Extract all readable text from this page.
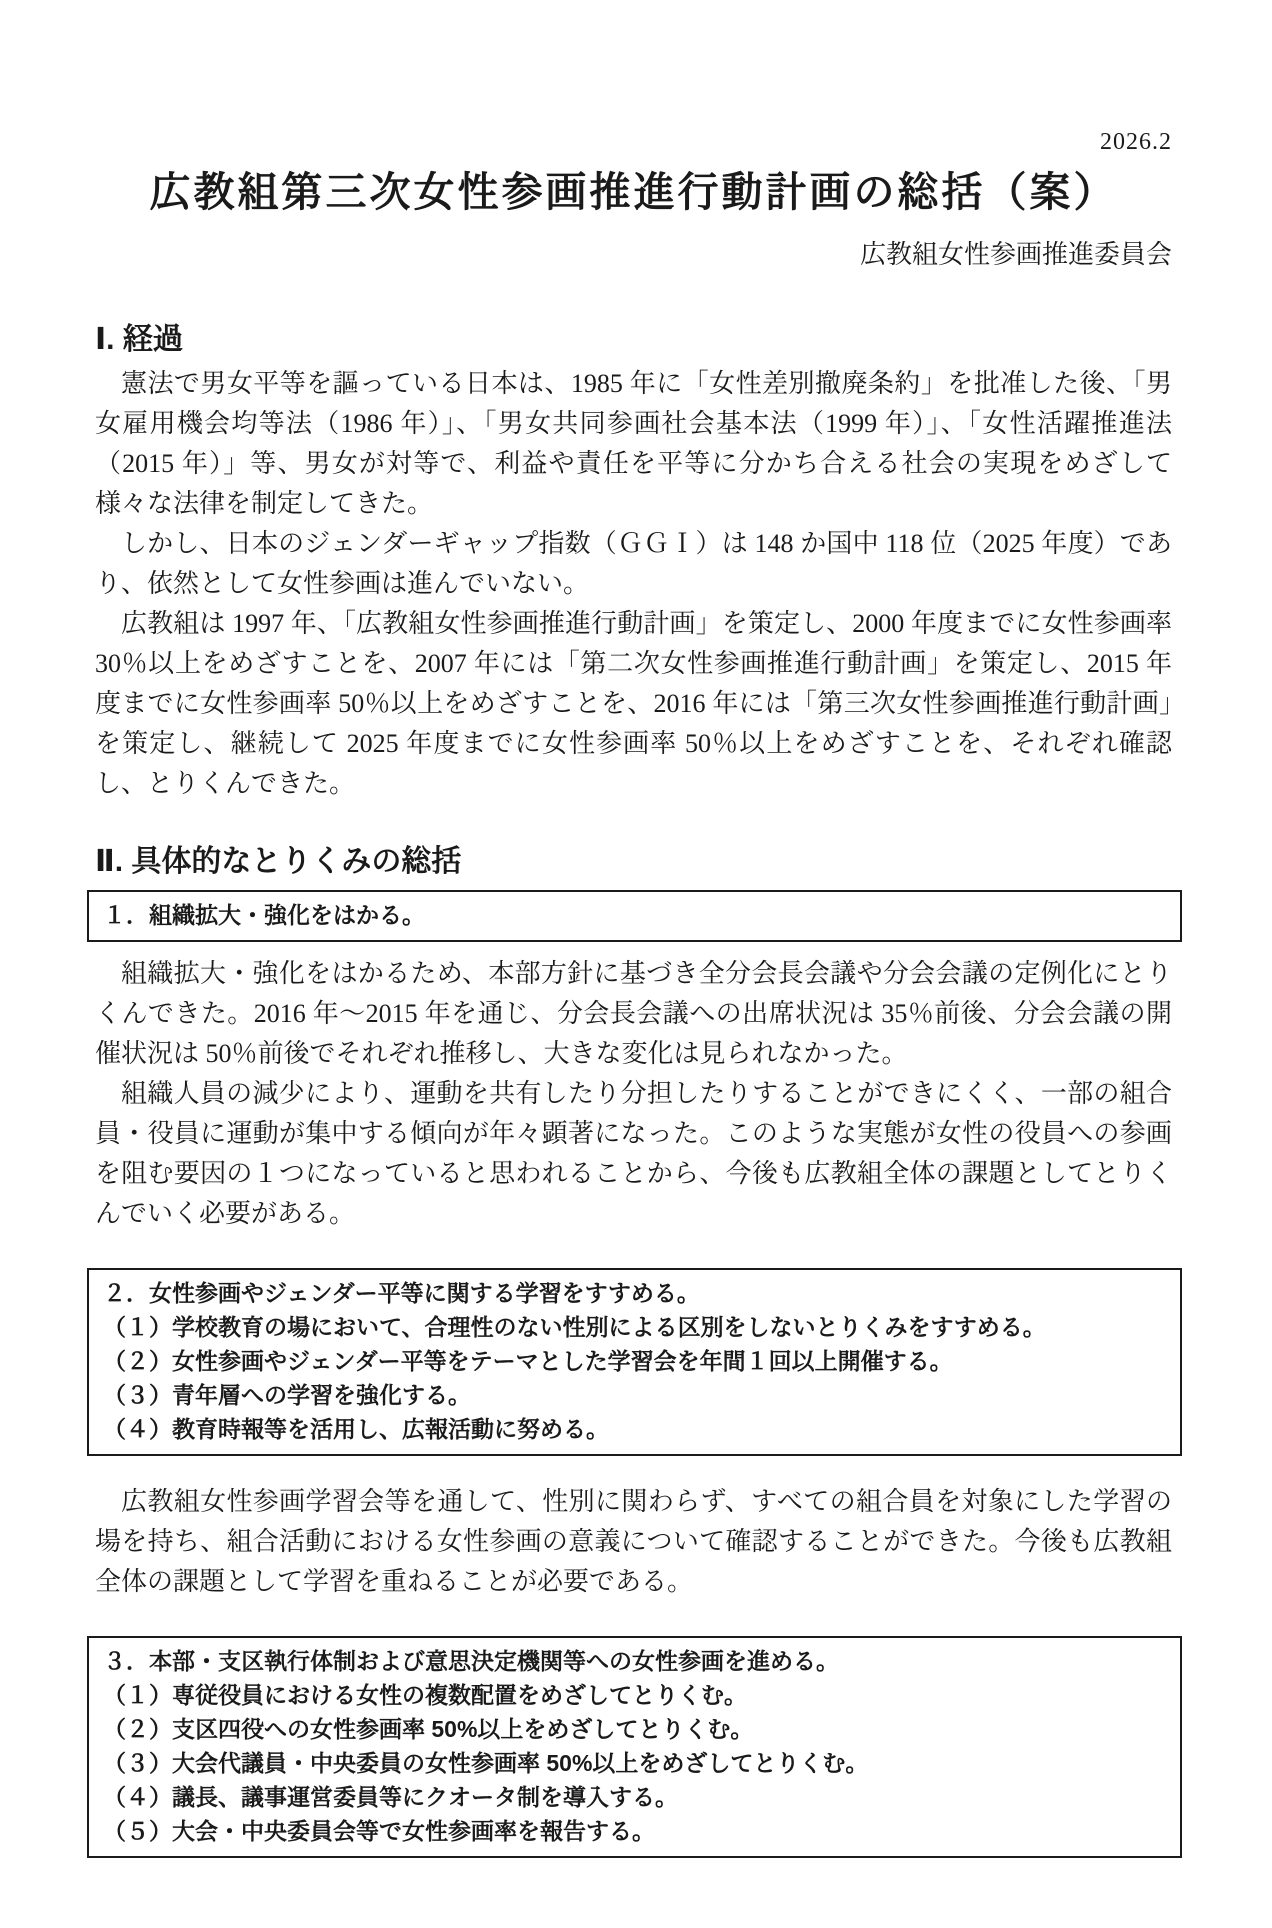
2026.2
広教組第三次女性参画推進行動計画の総括（案）
広教組女性参画推進委員会
Ⅰ. 経過

憲法で男女平等を謳っている日本は、1985 年に「女性差別撤廃条約」を批准した後、「男女雇用機会均等法（1986 年）」、「男女共同参画社会基本法（1999 年）」、「女性活躍推進法（2015 年）」等、男女が対等で、利益や責任を平等に分かち合える社会の実現をめざして様々な法律を制定してきた。

しかし、日本のジェンダーギャップ指数（ＧＧＩ）は 148 か国中 118 位（2025 年度）であり、依然として女性参画は進んでいない。

広教組は 1997 年、「広教組女性参画推進行動計画」を策定し、2000 年度までに女性参画率 30％以上をめざすことを、2007 年には「第二次女性参画推進行動計画」を策定し、2015 年度までに女性参画率 50％以上をめざすことを、2016 年には「第三次女性参画推進行動計画」を策定し、継続して 2025 年度までに女性参画率 50％以上をめざすことを、それぞれ確認し、とりくんできた。

Ⅱ. 具体的なとりくみの総括
１．組織拡大・強化をはかる。

組織拡大・強化をはかるため、本部方針に基づき全分会長会議や分会会議の定例化にとりくんできた。2016 年～2015 年を通じ、分会長会議への出席状況は 35％前後、分会会議の開催状況は 50％前後でそれぞれ推移し、大きな変化は見られなかった。

組織人員の減少により、運動を共有したり分担したりすることができにくく、一部の組合員・役員に運動が集中する傾向が年々顕著になった。このような実態が女性の役員への参画を阻む要因の１つになっていると思われることから、今後も広教組全体の課題としてとりくんでいく必要がある。

２．女性参画やジェンダー平等に関する学習をすすめる。
（１）学校教育の場において、合理性のない性別による区別をしないとりくみをすすめる。
（２）女性参画やジェンダー平等をテーマとした学習会を年間１回以上開催する。
（３）青年層への学習を強化する。
（４）教育時報等を活用し、広報活動に努める。

広教組女性参画学習会等を通して、性別に関わらず、すべての組合員を対象にした学習の場を持ち、組合活動における女性参画の意義について確認することができた。今後も広教組全体の課題として学習を重ねることが必要である。

３．本部・支区執行体制および意思決定機関等への女性参画を進める。
（１）専従役員における女性の複数配置をめざしてとりくむ。
（２）支区四役への女性参画率 50%以上をめざしてとりくむ。
（３）大会代議員・中央委員の女性参画率 50%以上をめざしてとりくむ。
（４）議長、議事運営委員等にクオータ制を導入する。
（５）大会・中央委員会等で女性参画率を報告する。
